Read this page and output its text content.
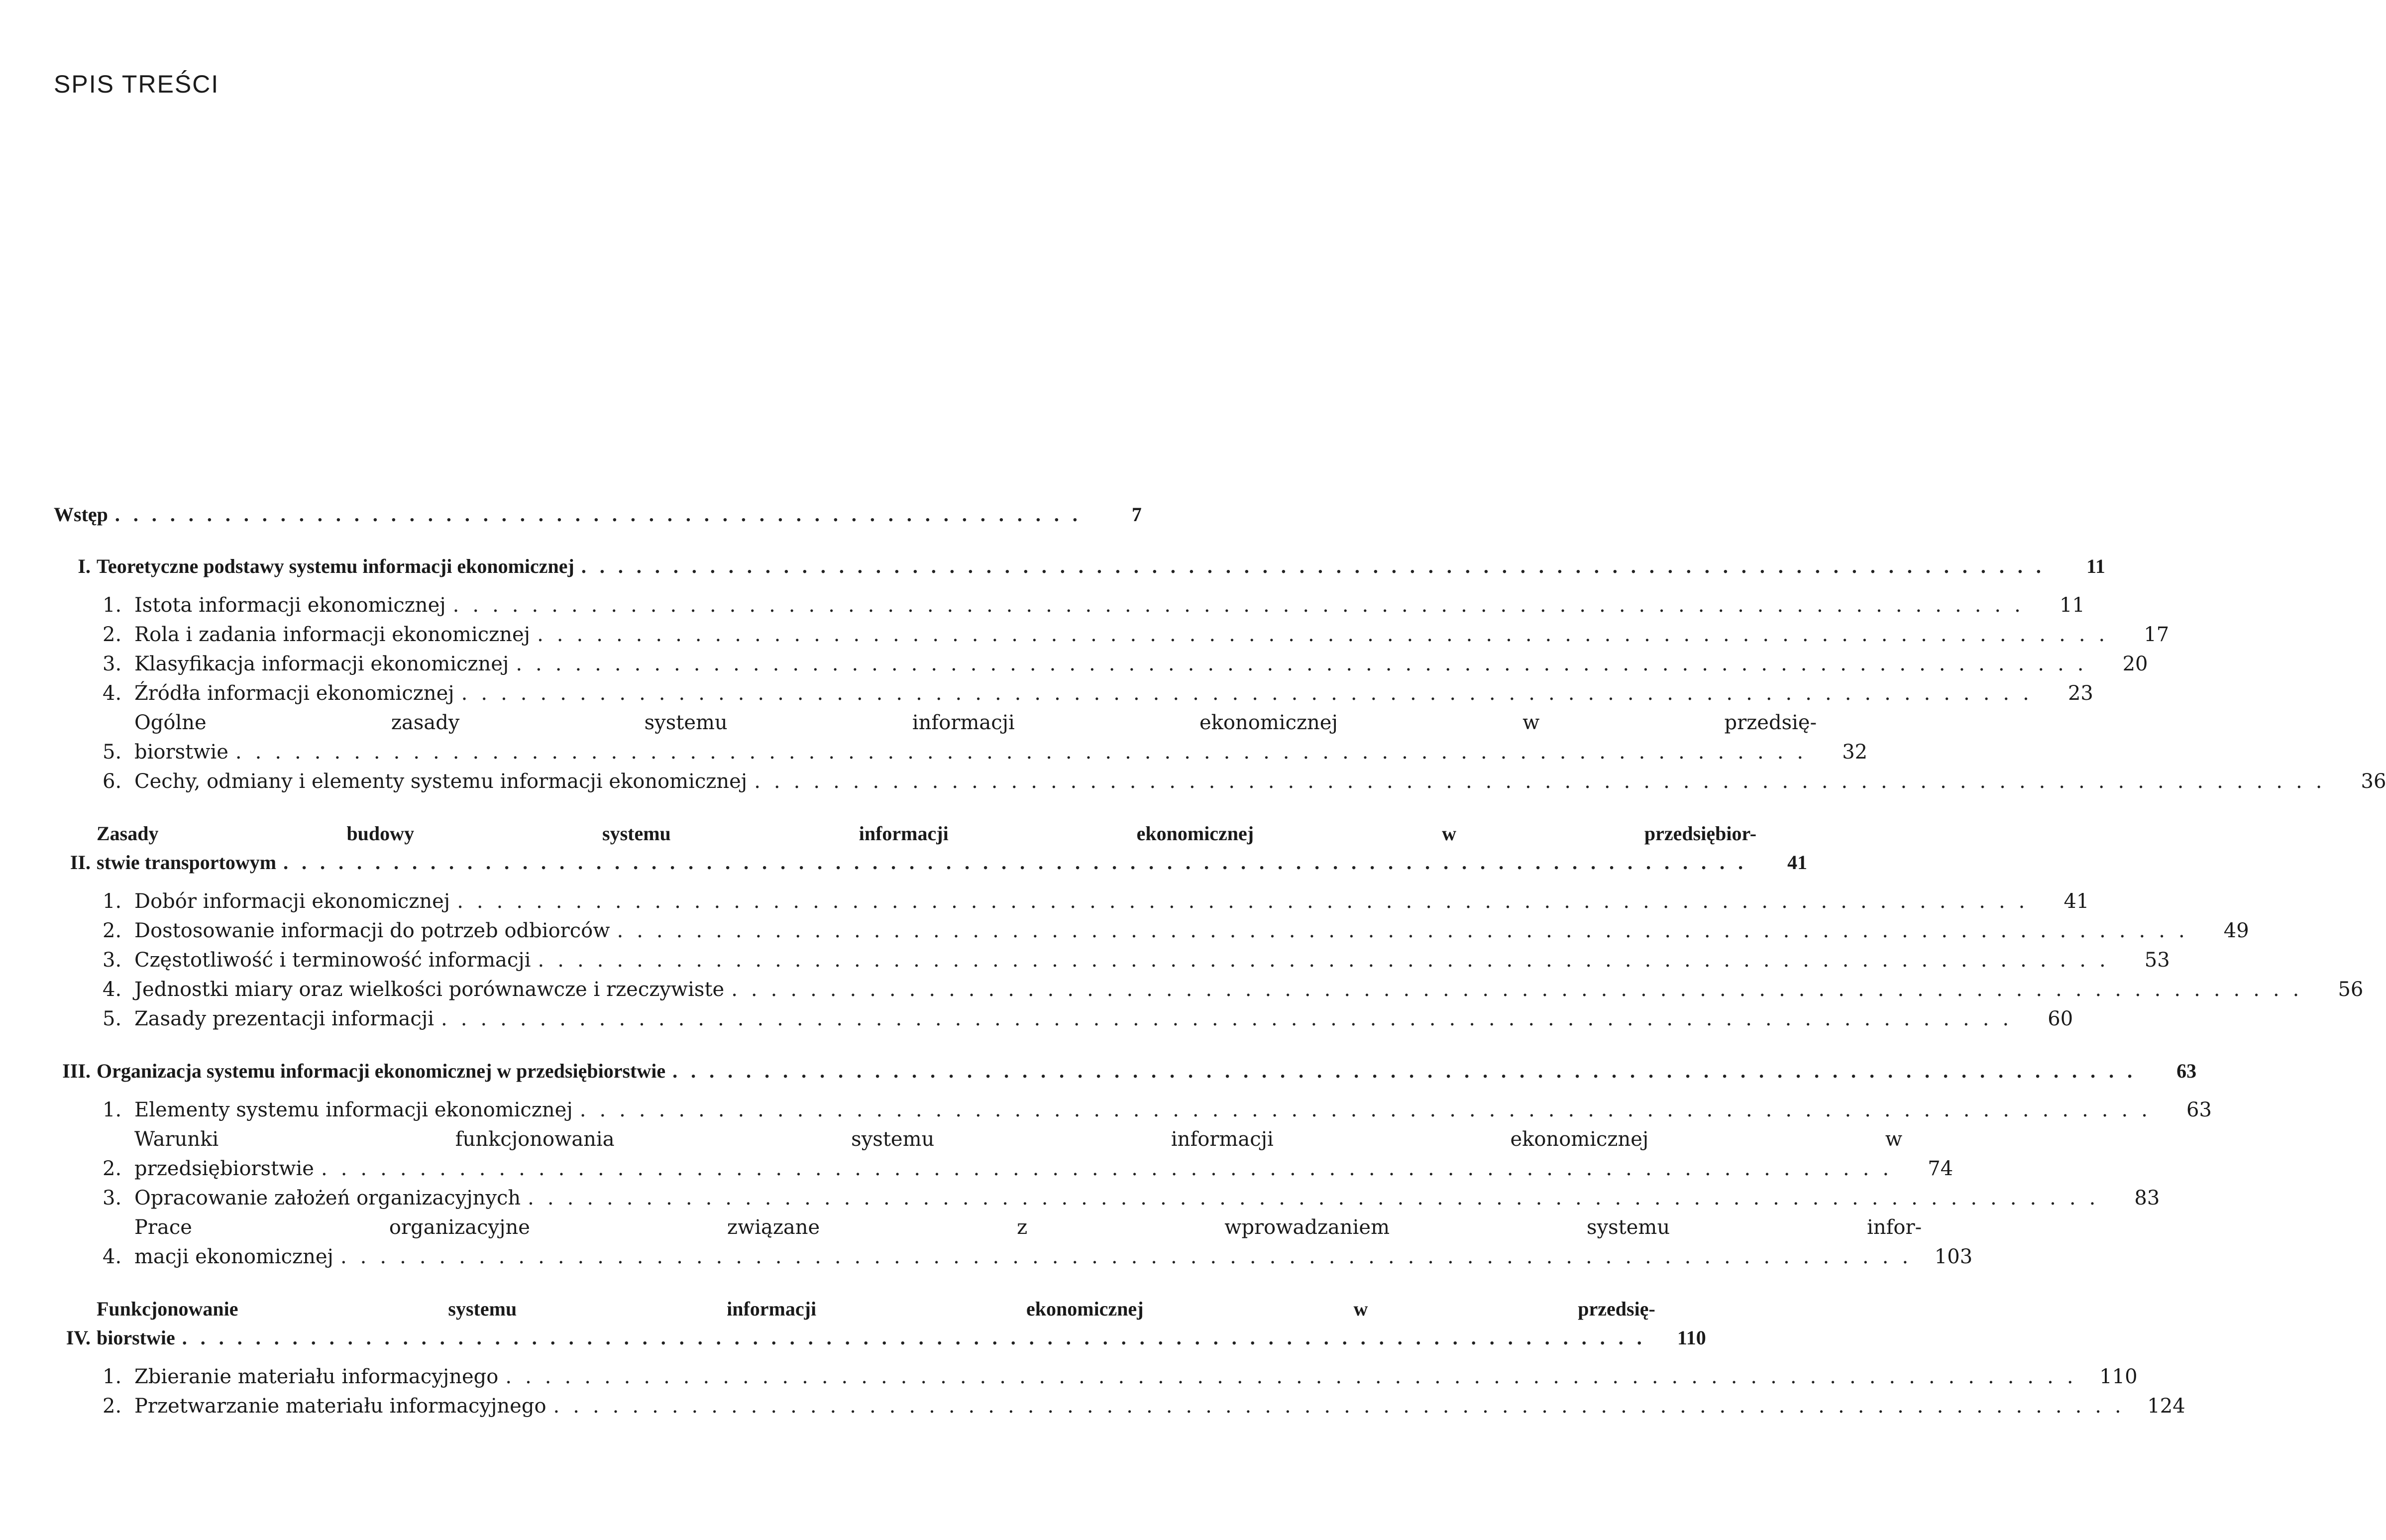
SPIS TREŚCI
Wstęp .....................................................	7
I. Teoretyczne podstawy systemu informacji ekonomicznej ................................................................................	11
1. Istota informacji ekonomicznej ................................................................................	11
2. Rola i zadania informacji ekonomicznej ................................................................................	17
3. Klasyfikacja informacji ekonomicznej ................................................................................	20
4. Źródła informacji ekonomicznej ................................................................................	23
5.
Ogólne zasady systemu informacji ekonomicznej w przedsię-
biorstwie ................................................................................	32
6. Cechy, odmiany i elementy systemu informacji ekonomicznej ................................................................................	36
II.
Zasady budowy systemu informacji ekonomicznej w przedsiębior-
stwie transportowym ................................................................................	41
1. Dobór informacji ekonomicznej ................................................................................	41
2. Dostosowanie informacji do potrzeb odbiorców ................................................................................	49
3. Częstotliwość i terminowość informacji ................................................................................	53
4. Jednostki miary oraz wielkości porównawcze i rzeczywiste ................................................................................	56
5. Zasady prezentacji informacji ................................................................................	60
III. Organizacja systemu informacji ekonomicznej w przedsiębiorstwie ................................................................................	63
1. Elementy systemu informacji ekonomicznej ................................................................................	63
2.
Warunki funkcjonowania systemu informacji ekonomicznej w
przedsiębiorstwie ................................................................................	74
3. Opracowanie założeń organizacyjnych ................................................................................	83
4.
Prace organizacyjne związane z wprowadzaniem systemu infor-
macji ekonomicznej ................................................................................ 103
IV.
Funkcjonowanie systemu informacji ekonomicznej w przedsię-
biorstwie ................................................................................	110
1. Zbieranie materiału informacyjnego ................................................................................ 110
2. Przetwarzanie materiału informacyjnego ................................................................................ 124
